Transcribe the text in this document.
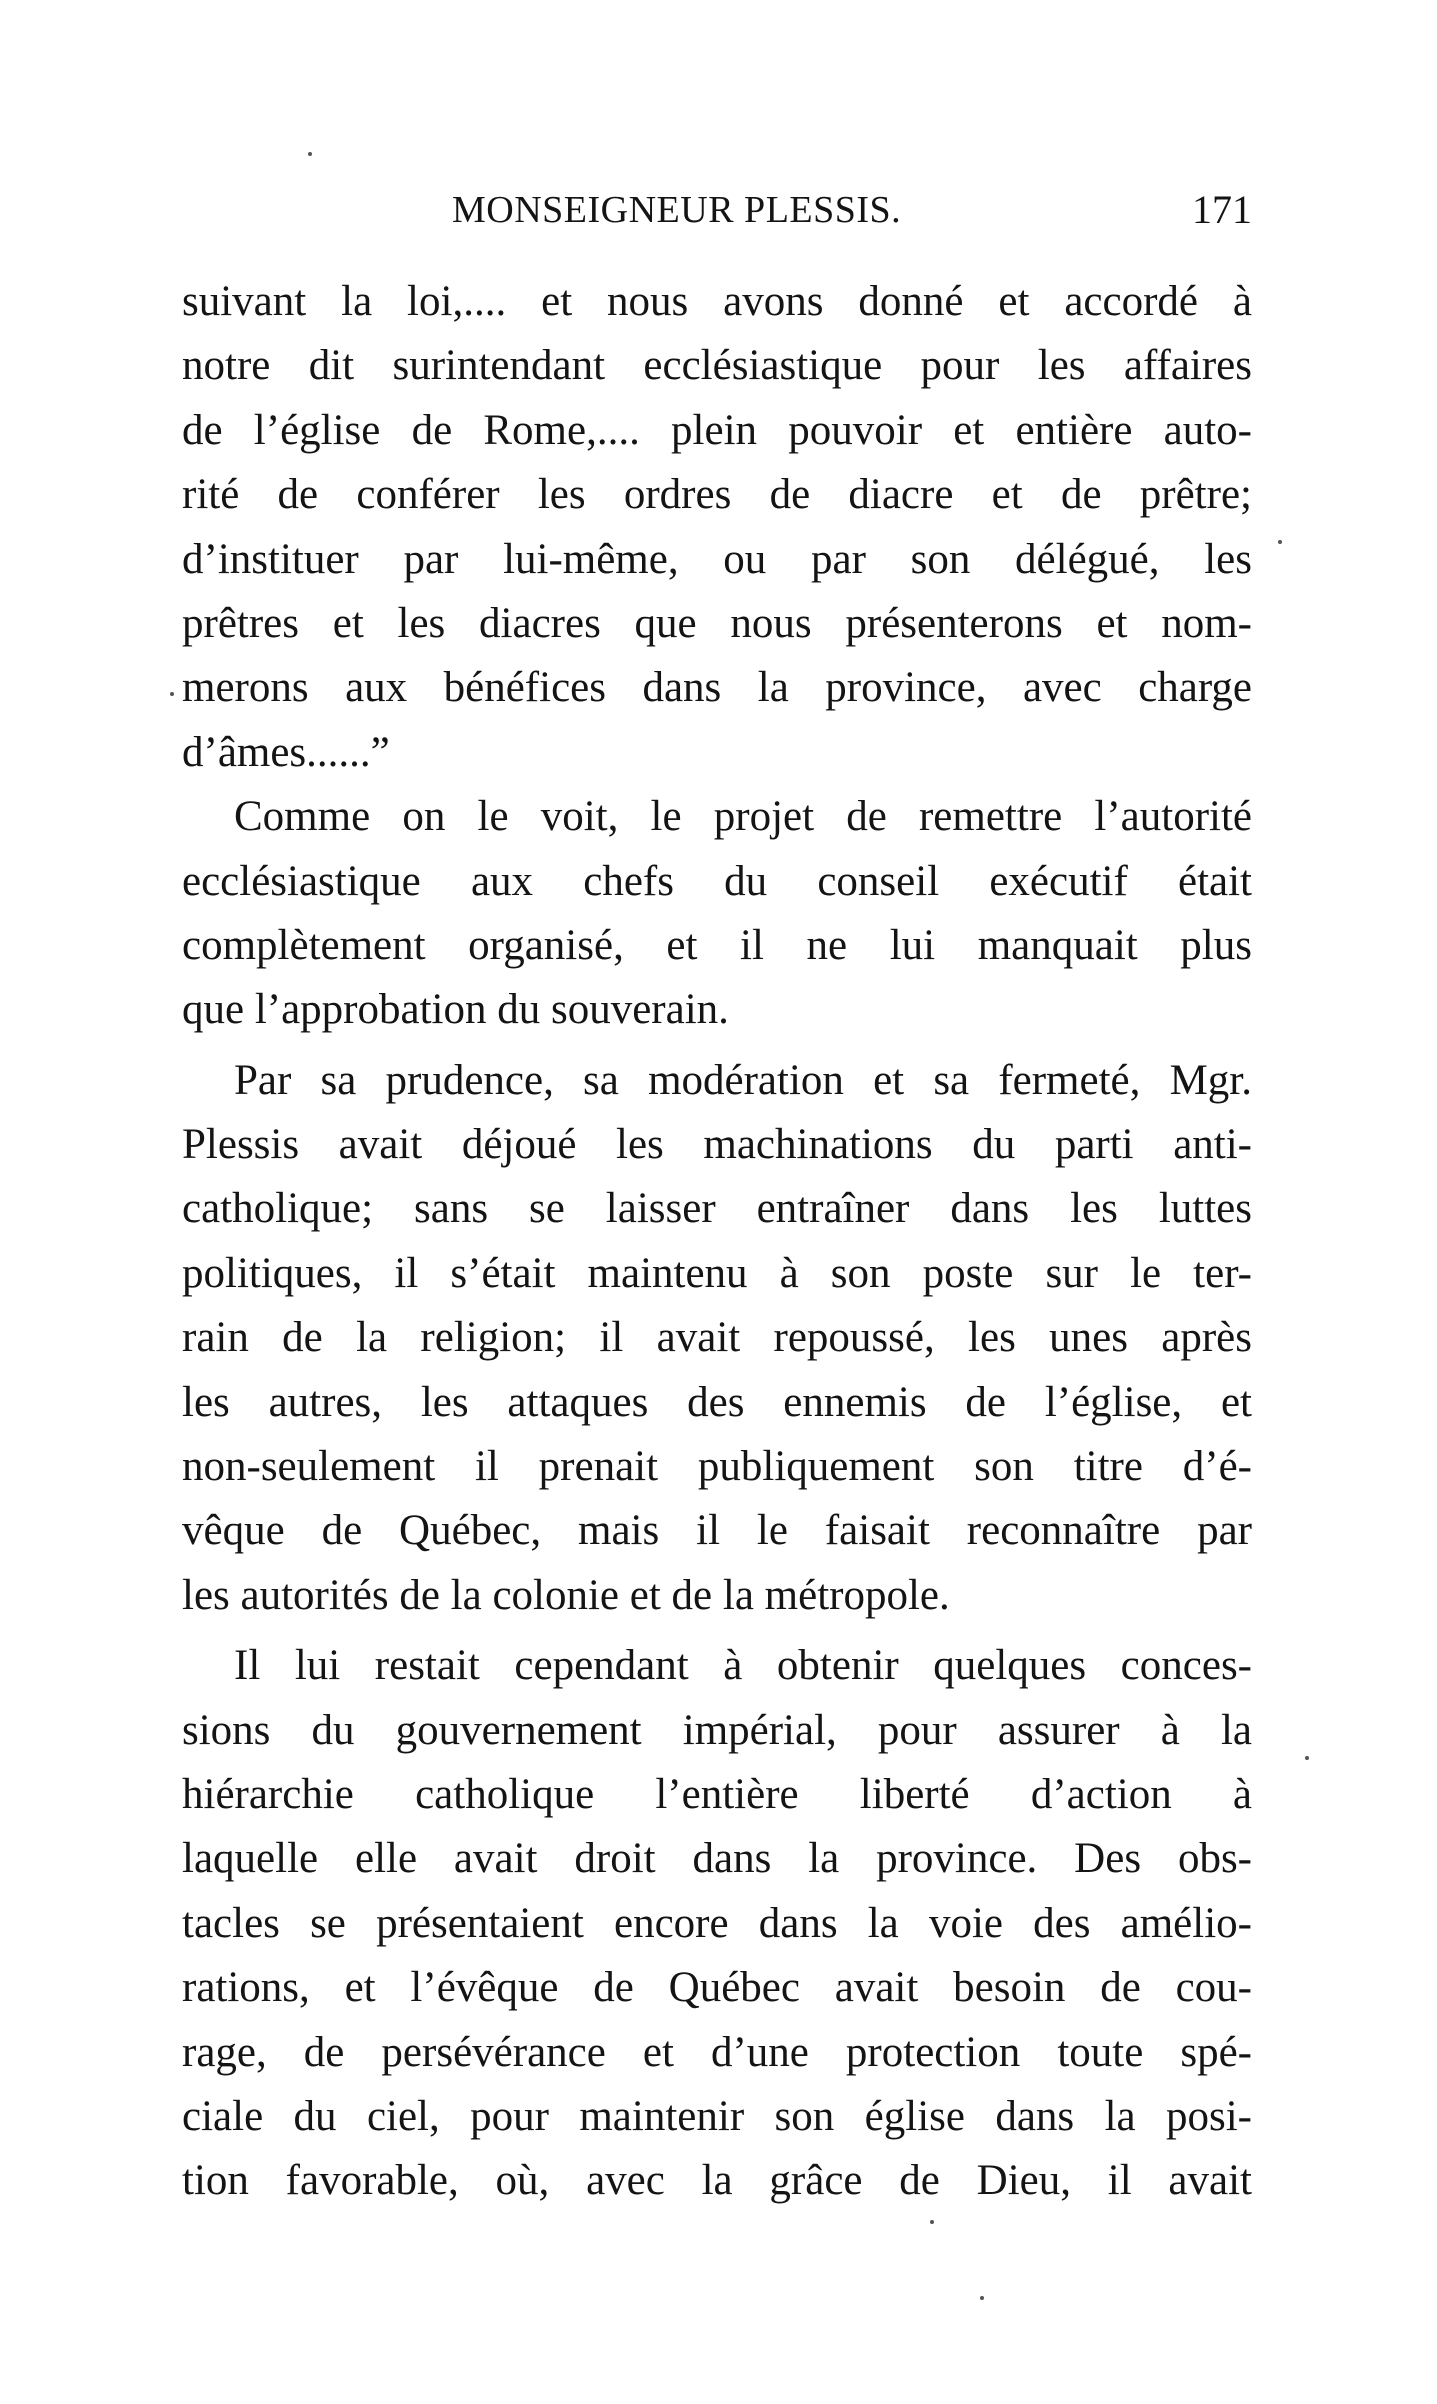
MONSEIGNEUR PLESSIS.	171
suivant la loi,.... et nous avons donné et accordé à
notre dit surintendant ecclésiastique pour les affaires
de l’église de Rome,.... plein pouvoir et entière auto-
rité de conférer les ordres de diacre et de prêtre;
d’instituer par lui-même, ou par son délégué, les
prêtres et les diacres que nous présenterons et nom-
merons aux bénéfices dans la province, avec charge
d’âmes......”
Comme on le voit, le projet de remettre l’autorité
ecclésiastique aux chefs du conseil exécutif était
complètement organisé, et il ne lui manquait plus
que l’approbation du souverain.
Par sa prudence, sa modération et sa fermeté, Mgr.
Plessis avait déjoué les machinations du parti anti-
catholique; sans se laisser entraîner dans les luttes
politiques, il s’était maintenu à son poste sur le ter-
rain de la religion; il avait repoussé, les unes après
les autres, les attaques des ennemis de l’église, et
non-seulement il prenait publiquement son titre d’é-
vêque de Québec, mais il le faisait reconnaître par
les autorités de la colonie et de la métropole.
Il lui restait cependant à obtenir quelques conces-
sions du gouvernement impérial, pour assurer à la
hiérarchie catholique l’entière liberté d’action à
laquelle elle avait droit dans la province. Des obs-
tacles se présentaient encore dans la voie des amélio-
rations, et l’évêque de Québec avait besoin de cou-
rage, de persévérance et d’une protection toute spé-
ciale du ciel, pour maintenir son église dans la posi-
tion favorable, où, avec la grâce de Dieu, il avait
